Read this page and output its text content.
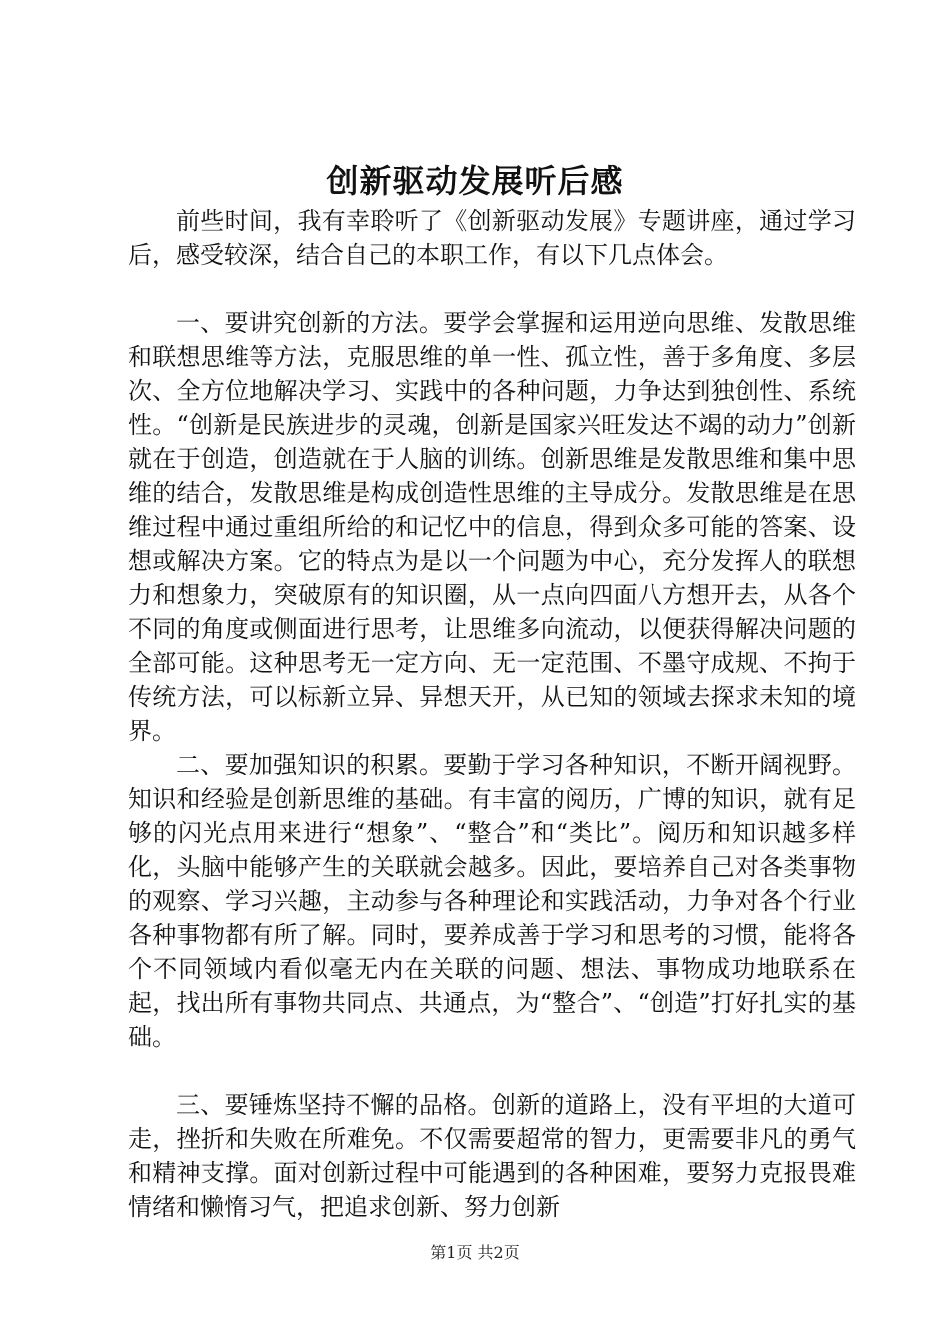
创新驱动发展听后感

前些时间，我有幸聆听了《创新驱动发展》专题讲座，通过学习后，感受较深，结合自己的本职工作，有以下几点体会。

一、要讲究创新的方法。要学会掌握和运用逆向思维、发散思维和联想思维等方法，克服思维的单一性、孤立性，善于多角度、多层次、全方位地解决学习、实践中的各种问题，力争达到独创性、系统性。“创新是民族进步的灵魂，创新是国家兴旺发达不竭的动力”创新就在于创造，创造就在于人脑的训练。创新思维是发散思维和集中思维的结合，发散思维是构成创造性思维的主导成分。发散思维是在思维过程中通过重组所给的和记忆中的信息，得到众多可能的答案、设想或解决方案。它的特点为是以一个问题为中心，充分发挥人的联想力和想象力，突破原有的知识圈，从一点向四面八方想开去，从各个不同的角度或侧面进行思考，让思维多向流动，以便获得解决问题的全部可能。这种思考无一定方向、无一定范围、不墨守成规、不拘于传统方法，可以标新立异、异想天开，从已知的领域去探求未知的境界。

二、要加强知识的积累。要勤于学习各种知识，不断开阔视野。知识和经验是创新思维的基础。有丰富的阅历，广博的知识，就有足够的闪光点用来进行“想象”、“整合”和“类比”。阅历和知识越多样化，头脑中能够产生的关联就会越多。因此，要培养自己对各类事物的观察、学习兴趣，主动参与各种理论和实践活动，力争对各个行业各种事物都有所了解。同时，要养成善于学习和思考的习惯，能将各个不同领域内看似毫无内在关联的问题、想法、事物成功地联系在起，找出所有事物共同点、共通点，为“整合”、“创造”打好扎实的基础。

三、要锤炼坚持不懈的品格。创新的道路上，没有平坦的大道可走，挫折和失败在所难免。不仅需要超常的智力，更需要非凡的勇气和精神支撑。面对创新过程中可能遇到的各种困难，要努力克报畏难情绪和懒惰习气，把追求创新、努力创新

第1页 共2页
